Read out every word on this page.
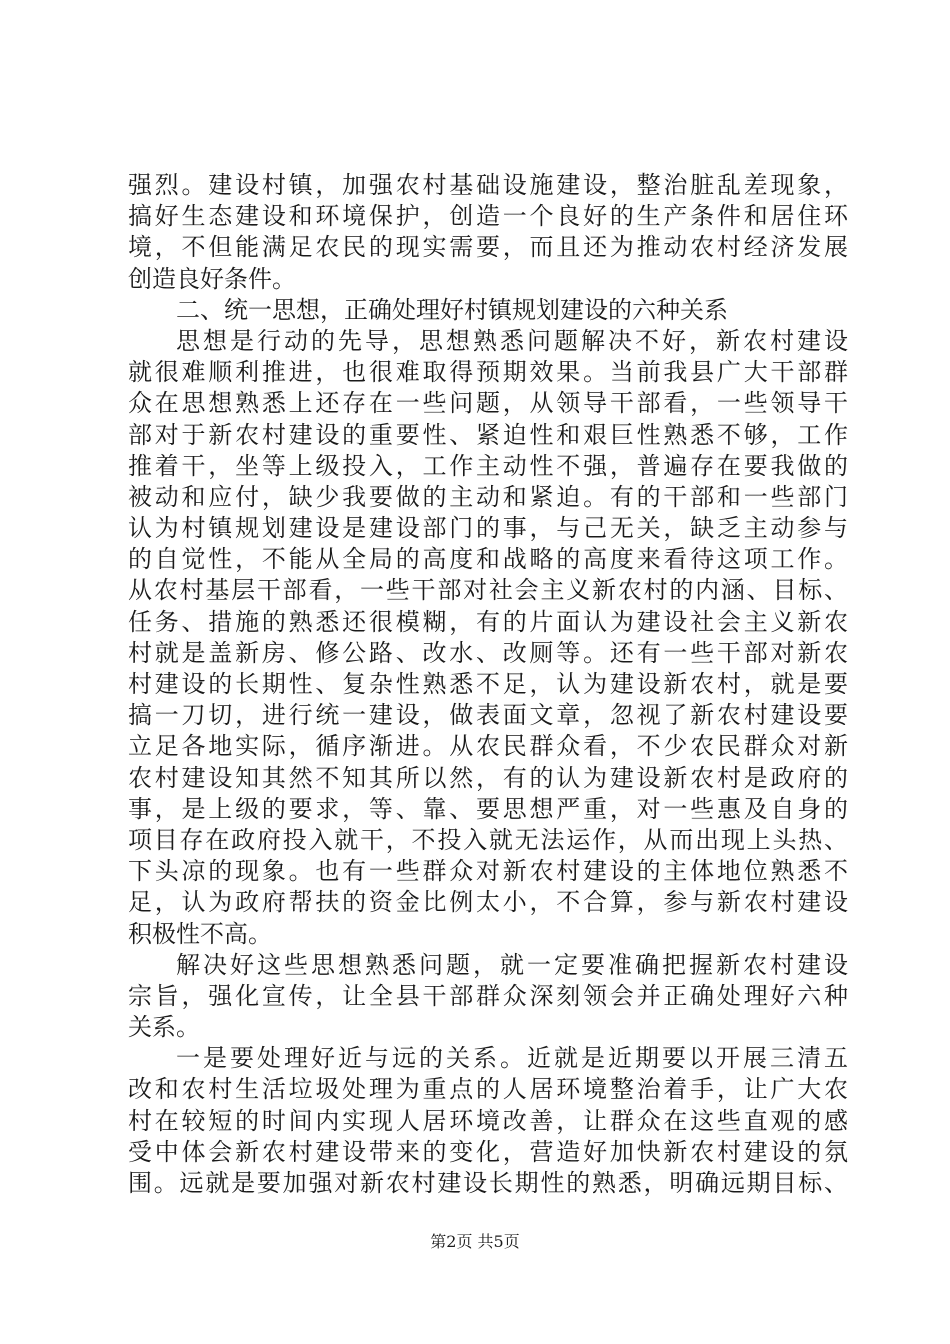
强烈。建设村镇，加强农村基础设施建设，整治脏乱差现象，
搞好生态建设和环境保护，创造一个良好的生产条件和居住环
境，不但能满足农民的现实需要，而且还为推动农村经济发展
创造良好条件。
二、统一思想，正确处理好村镇规划建设的六种关系
思想是行动的先导，思想熟悉问题解决不好，新农村建设
就很难顺利推进，也很难取得预期效果。当前我县广大干部群
众在思想熟悉上还存在一些问题，从领导干部看，一些领导干
部对于新农村建设的重要性、紧迫性和艰巨性熟悉不够，工作
推着干，坐等上级投入，工作主动性不强，普遍存在要我做的
被动和应付，缺少我要做的主动和紧迫。有的干部和一些部门
认为村镇规划建设是建设部门的事，与己无关，缺乏主动参与
的自觉性，不能从全局的高度和战略的高度来看待这项工作。
从农村基层干部看，一些干部对社会主义新农村的内涵、目标、
任务、措施的熟悉还很模糊，有的片面认为建设社会主义新农
村就是盖新房、修公路、改水、改厕等。还有一些干部对新农
村建设的长期性、复杂性熟悉不足，认为建设新农村，就是要
搞一刀切，进行统一建设，做表面文章，忽视了新农村建设要
立足各地实际，循序渐进。从农民群众看，不少农民群众对新
农村建设知其然不知其所以然，有的认为建设新农村是政府的
事，是上级的要求，等、靠、要思想严重，对一些惠及自身的
项目存在政府投入就干，不投入就无法运作，从而出现上头热、
下头凉的现象。也有一些群众对新农村建设的主体地位熟悉不
足，认为政府帮扶的资金比例太小，不合算，参与新农村建设
积极性不高。
解决好这些思想熟悉问题，就一定要准确把握新农村建设
宗旨，强化宣传，让全县干部群众深刻领会并正确处理好六种
关系。
一是要处理好近与远的关系。近就是近期要以开展三清五
改和农村生活垃圾处理为重点的人居环境整治着手，让广大农
村在较短的时间内实现人居环境改善，让群众在这些直观的感
受中体会新农村建设带来的变化，营造好加快新农村建设的氛
围。远就是要加强对新农村建设长期性的熟悉，明确远期目标、
第2页 共5页
